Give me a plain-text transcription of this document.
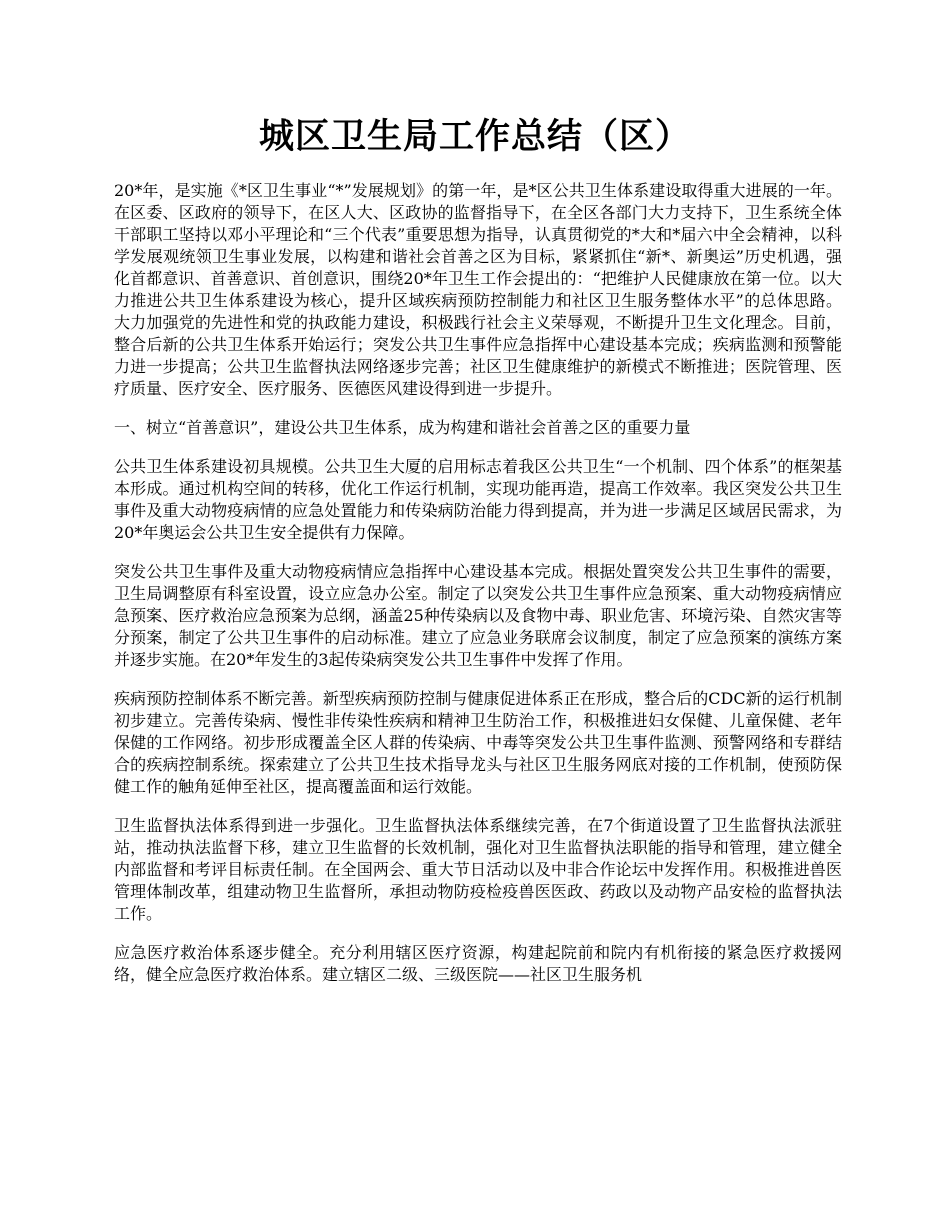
城区卫生局工作总结（区）

20*年，是实施《*区卫生事业“*”发展规划》的第一年，是*区公共卫生体系建设取得重大进展的一年。在区委、区政府的领导下，在区人大、区政协的监督指导下，在全区各部门大力支持下，卫生系统全体干部职工坚持以邓小平理论和“三个代表”重要思想为指导，认真贯彻党的*大和*届六中全会精神，以科学发展观统领卫生事业发展，以构建和谐社会首善之区为目标，紧紧抓住“新*、新奥运”历史机遇，强化首都意识、首善意识、首创意识，围绕20*年卫生工作会提出的：“把维护人民健康放在第一位。以大力推进公共卫生体系建设为核心，提升区域疾病预防控制能力和社区卫生服务整体水平”的总体思路。大力加强党的先进性和党的执政能力建设，积极践行社会主义荣辱观，不断提升卫生文化理念。目前，整合后新的公共卫生体系开始运行；突发公共卫生事件应急指挥中心建设基本完成；疾病监测和预警能力进一步提高；公共卫生监督执法网络逐步完善；社区卫生健康维护的新模式不断推进；医院管理、医疗质量、医疗安全、医疗服务、医德医风建设得到进一步提升。

一、树立“首善意识”，建设公共卫生体系，成为构建和谐社会首善之区的重要力量

公共卫生体系建设初具规模。公共卫生大厦的启用标志着我区公共卫生“一个机制、四个体系”的框架基本形成。通过机构空间的转移，优化工作运行机制，实现功能再造，提高工作效率。我区突发公共卫生事件及重大动物疫病情的应急处置能力和传染病防治能力得到提高，并为进一步满足区域居民需求，为20*年奥运会公共卫生安全提供有力保障。

突发公共卫生事件及重大动物疫病情应急指挥中心建设基本完成。根据处置突发公共卫生事件的需要，卫生局调整原有科室设置，设立应急办公室。制定了以突发公共卫生事件应急预案、重大动物疫病情应急预案、医疗救治应急预案为总纲，涵盖25种传染病以及食物中毒、职业危害、环境污染、自然灾害等分预案，制定了公共卫生事件的启动标准。建立了应急业务联席会议制度，制定了应急预案的演练方案并逐步实施。在20*年发生的3起传染病突发公共卫生事件中发挥了作用。

疾病预防控制体系不断完善。新型疾病预防控制与健康促进体系正在形成，整合后的CDC新的运行机制初步建立。完善传染病、慢性非传染性疾病和精神卫生防治工作，积极推进妇女保健、儿童保健、老年保健的工作网络。初步形成覆盖全区人群的传染病、中毒等突发公共卫生事件监测、预警网络和专群结合的疾病控制系统。探索建立了公共卫生技术指导龙头与社区卫生服务网底对接的工作机制，使预防保健工作的触角延伸至社区，提高覆盖面和运行效能。

卫生监督执法体系得到进一步强化。卫生监督执法体系继续完善，在7个街道设置了卫生监督执法派驻站，推动执法监督下移，建立卫生监督的长效机制，强化对卫生监督执法职能的指导和管理，建立健全内部监督和考评目标责任制。在全国两会、重大节日活动以及中非合作论坛中发挥作用。积极推进兽医管理体制改革，组建动物卫生监督所，承担动物防疫检疫兽医医政、药政以及动物产品安检的监督执法工作。

应急医疗救治体系逐步健全。充分利用辖区医疗资源，构建起院前和院内有机衔接的紧急医疗救援网络，健全应急医疗救治体系。建立辖区二级、三级医院——社区卫生服务机
